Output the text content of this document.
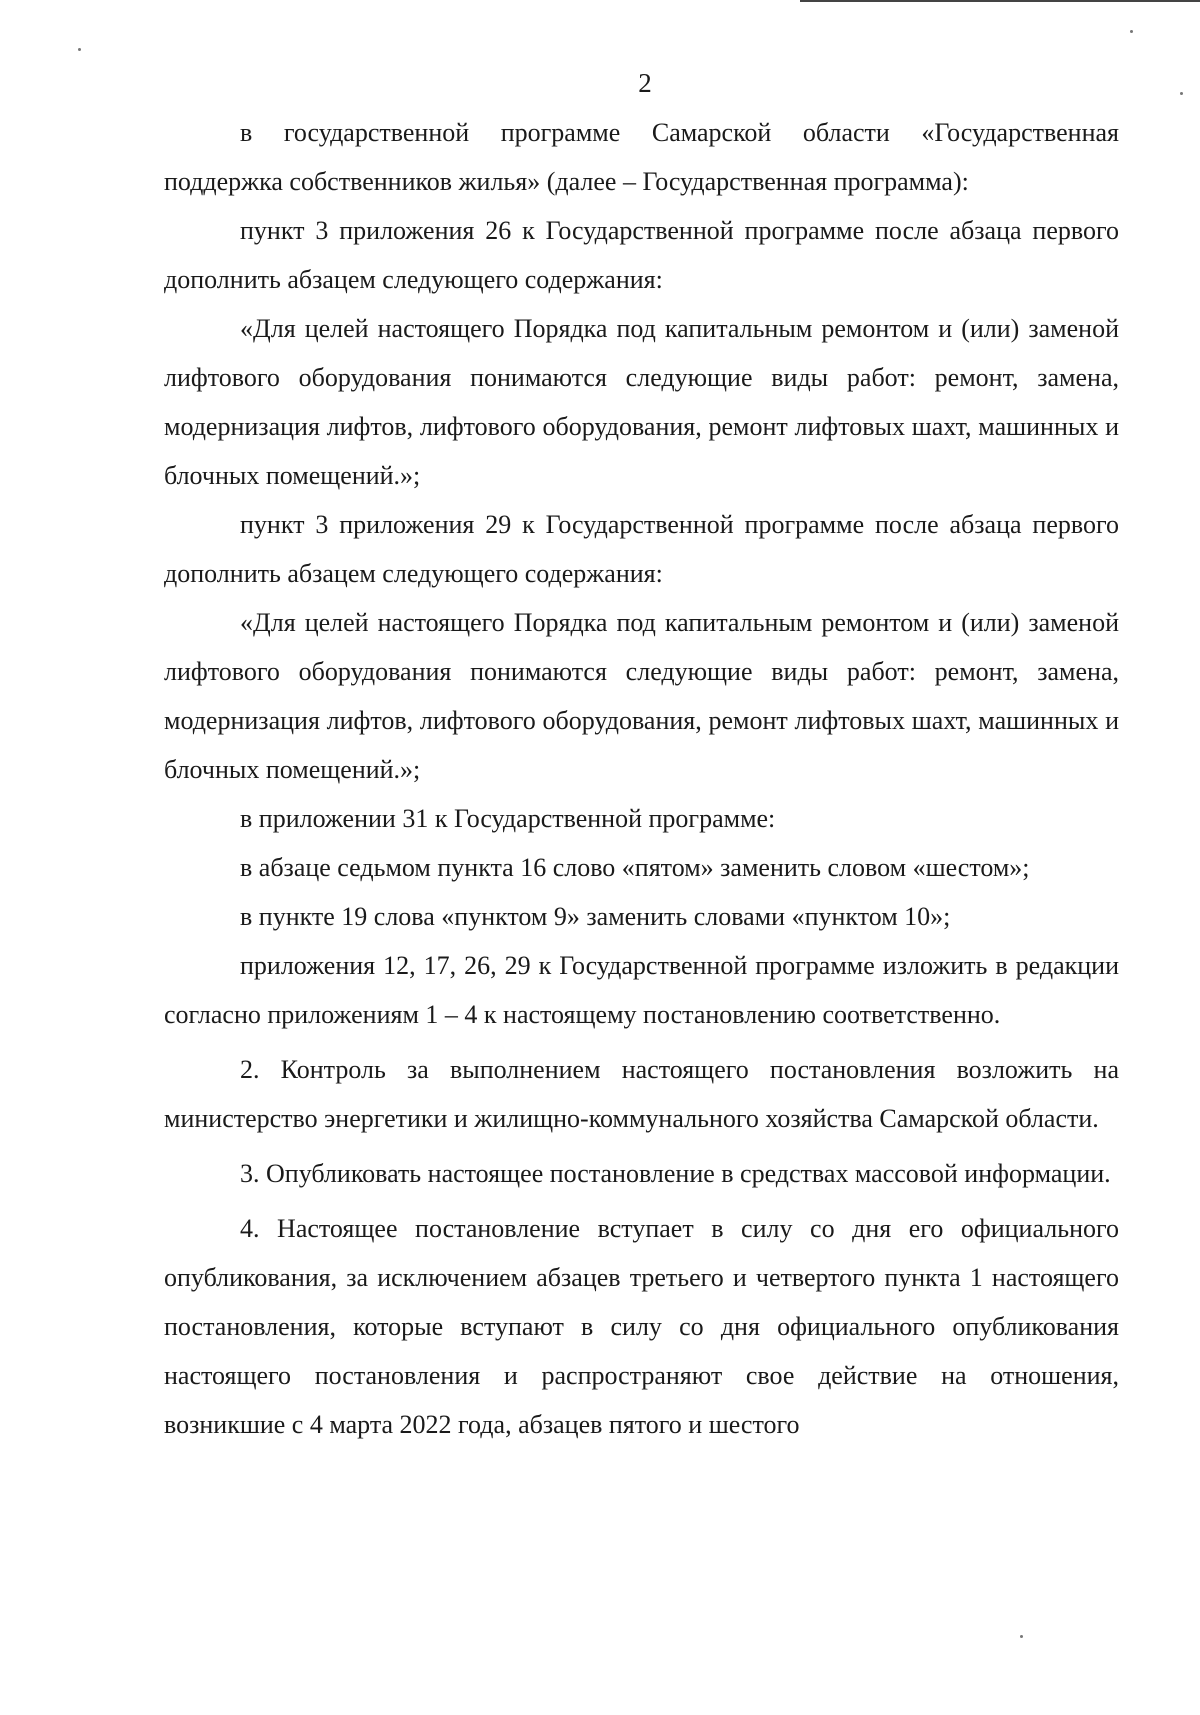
2

в государственной программе Самарской области «Государственная поддержка собственников жилья» (далее – Государственная программа):

пункт 3 приложения 26 к Государственной программе после абзаца первого дополнить абзацем следующего содержания:

«Для целей настоящего Порядка под капитальным ремонтом и (или) заменой лифтового оборудования понимаются следующие виды работ: ремонт, замена, модернизация лифтов, лифтового оборудования, ремонт лифтовых шахт, машинных и блочных помещений.»;

пункт 3 приложения 29 к Государственной программе после абзаца первого дополнить абзацем следующего содержания:

«Для целей настоящего Порядка под капитальным ремонтом и (или) заменой лифтового оборудования понимаются следующие виды работ: ремонт, замена, модернизация лифтов, лифтового оборудования, ремонт лифтовых шахт, машинных и блочных помещений.»;

в приложении 31 к Государственной программе:

в абзаце седьмом пункта 16 слово «пятом» заменить словом «шестом»;

в пункте 19 слова «пунктом 9» заменить словами «пунктом 10»;

приложения 12, 17, 26, 29 к Государственной программе изложить в редакции согласно приложениям 1 – 4 к настоящему постановлению соответственно.

2. Контроль за выполнением настоящего постановления возложить на министерство энергетики и жилищно-коммунального хозяйства Самарской области.

3. Опубликовать настоящее постановление в средствах массовой информации.

4. Настоящее постановление вступает в силу со дня его официального опубликования, за исключением абзацев третьего и четвертого пункта 1 настоящего постановления, которые вступают в силу со дня официального опубликования настоящего постановления и распространяют свое действие на отношения, возникшие с 4 марта 2022 года, абзацев пятого и шестого
